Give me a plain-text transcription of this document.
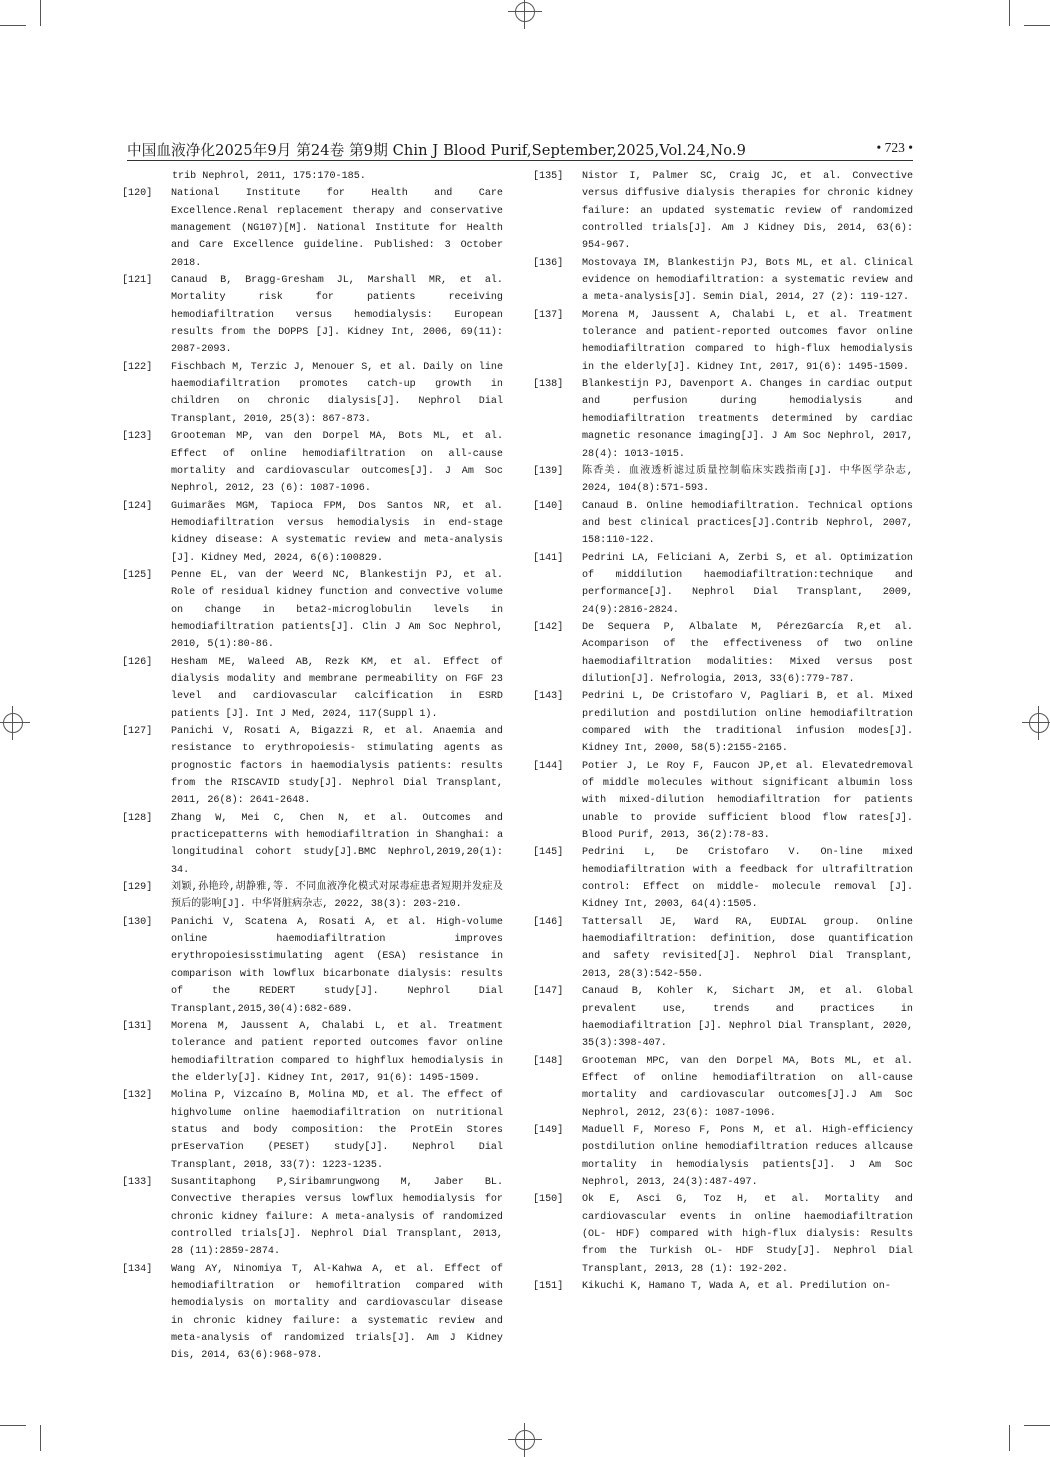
中国血液净化2025年9月 第24卷 第9期 Chin J Blood Purif,September,2025,Vol.24,No.9	• 723 •
trib Nephrol, 2011, 175:170-185.
[120]	National Institute for Health and Care Excellence.Renal replacement therapy and conservative management (NG107)[M]. National Institute for Health and Care Excellence guideline. Published: 3 October 2018.
[121]	Canaud B, Bragg-Gresham JL, Marshall MR, et al. Mortality risk for patients receiving hemodiafiltration versus hemodialysis: European results from the DOPPS [J]. Kidney Int, 2006, 69(11): 2087-2093.
[122]	Fischbach M, Terzic J, Menouer S, et al. Daily on line haemodiafiltration promotes catch-up growth in children on chronic dialysis[J]. Nephrol Dial Transplant, 2010, 25(3): 867-873.
[123]	Grooteman MP, van den Dorpel MA, Bots ML, et al. Effect of online hemodiafiltration on all-cause mortality and cardiovascular outcomes[J]. J Am Soc Nephrol, 2012, 23 (6): 1087-1096.
[124]	Guimarães MGM, Tapioca FPM, Dos Santos NR, et al. Hemodiafiltration versus hemodialysis in end-stage kidney disease: A systematic review and meta-analysis [J]. Kidney Med, 2024, 6(6):100829.
[125]	Penne EL, van der Weerd NC, Blankestijn PJ, et al. Role of residual kidney function and convective volume on change in beta2-microglobulin levels in hemodiafiltration patients[J]. Clin J Am Soc Nephrol, 2010, 5(1):80-86.
[126]	Hesham ME, Waleed AB, Rezk KM, et al. Effect of dialysis modality and membrane permeability on FGF 23 level and cardiovascular calcification in ESRD patients [J]. Int J Med, 2024, 117(Suppl 1).
[127]	Panichi V, Rosati A, Bigazzi R, et al. Anaemia and resistance to erythropoiesis- stimulating agents as prognostic factors in haemodialysis patients: results from the RISCAVID study[J]. Nephrol Dial Transplant, 2011, 26(8): 2641-2648.
[128]	Zhang W, Mei C, Chen N, et al. Outcomes and practicepatterns with hemodiafiltration in Shanghai: a longitudinal cohort study[J].BMC Nephrol,2019,20(1): 34.
[129]	刘颖,孙艳玲,胡静雅,等. 不同血液净化模式对尿毒症患者短期并发症及预后的影响[J]. 中华肾脏病杂志, 2022, 38(3): 203-210.
[130]	Panichi V, Scatena A, Rosati A, et al. High-volume online haemodiafiltration improves erythropoiesisstimulating agent (ESA) resistance in comparison with lowflux bicarbonate dialysis: results of the REDERT study[J]. Nephrol Dial Transplant,2015,30(4):682-689.
[131]	Morena M, Jaussent A, Chalabi L, et al. Treatment tolerance and patient reported outcomes favor online hemodiafiltration compared to highflux hemodialysis in the elderly[J]. Kidney Int, 2017, 91(6): 1495-1509.
[132]	Molina P, Vizcaíno B, Molina MD, et al. The effect of highvolume online haemodiafiltration on nutritional status and body composition: the ProtEin Stores prEservaTion (PESET) study[J]. Nephrol Dial Transplant, 2018, 33(7): 1223-1235.
[133]	Susantitaphong P,Siribamrungwong M, Jaber BL. Convective therapies versus lowflux hemodialysis for chronic kidney failure: A meta-analysis of randomized controlled trials[J]. Nephrol Dial Transplant, 2013, 28 (11):2859-2874.
[134]	Wang AY, Ninomiya T, Al-Kahwa A, et al. Effect of hemodiafiltration or hemofiltration compared with hemodialysis on mortality and cardiovascular disease in chronic kidney failure: a systematic review and meta-analysis of randomized trials[J]. Am J Kidney Dis, 2014, 63(6):968-978.
[135]	Nistor I, Palmer SC, Craig JC, et al. Convective versus diffusive dialysis therapies for chronic kidney failure: an updated systematic review of randomized controlled trials[J]. Am J Kidney Dis, 2014, 63(6): 954-967.
[136]	Mostovaya IM, Blankestijn PJ, Bots ML, et al. Clinical evidence on hemodiafiltration: a systematic review and a meta-analysis[J]. Semin Dial, 2014, 27 (2): 119-127.
[137]	Morena M, Jaussent A, Chalabi L, et al. Treatment tolerance and patient-reported outcomes favor online hemodiafiltration compared to high-flux hemodialysis in the elderly[J]. Kidney Int, 2017, 91(6): 1495-1509.
[138]	Blankestijn PJ, Davenport A. Changes in cardiac output and perfusion during hemodialysis and hemodiafiltration treatments determined by cardiac magnetic resonance imaging[J]. J Am Soc Nephrol, 2017, 28(4): 1013-1015.
[139]	陈香美. 血液透析滤过质量控制临床实践指南[J]. 中华医学杂志, 2024, 104(8):571-593.
[140]	Canaud B. Online hemodiafiltration. Technical options and best clinical practices[J].Contrib Nephrol, 2007, 158:110-122.
[141]	Pedrini LA, Feliciani A, Zerbi S, et al. Optimization of middilution haemodiafiltration:technique and performance[J]. Nephrol Dial Transplant, 2009, 24(9):2816-2824.
[142]	De Sequera P, Albalate M, PérezGarcía R,et al. Acomparison of the effectiveness of two online haemodiafiltration modalities: Mixed versus post dilution[J]. Nefrologia, 2013, 33(6):779-787.
[143]	Pedrini L, De Cristofaro V, Pagliari B, et al. Mixed predilution and postdilution online hemodiafiltration compared with the traditional infusion modes[J]. Kidney Int, 2000, 58(5):2155-2165.
[144]	Potier J, Le Roy F, Faucon JP,et al. Elevatedremoval of middle molecules without significant albumin loss with mixed-dilution hemodiafiltration for patients unable to provide sufficient blood flow rates[J]. Blood Purif, 2013, 36(2):78-83.
[145]	Pedrini L, De Cristofaro V. On-line mixed hemodiafiltration with a feedback for ultrafiltration control: Effect on middle- molecule removal [J]. Kidney Int, 2003, 64(4):1505.
[146]	Tattersall JE, Ward RA, EUDIAL group. Online haemodiafiltration: definition, dose quantification and safety revisited[J]. Nephrol Dial Transplant, 2013, 28(3):542-550.
[147]	Canaud B, Kohler K, Sichart JM, et al. Global prevalent use, trends and practices in haemodiafiltration [J]. Nephrol Dial Transplant, 2020, 35(3):398-407.
[148]	Grooteman MPC, van den Dorpel MA, Bots ML, et al. Effect of online hemodiafiltration on all-cause mortality and cardiovascular outcomes[J].J Am Soc Nephrol, 2012, 23(6): 1087-1096.
[149]	Maduell F, Moreso F, Pons M, et al. High-efficiency postdilution online hemodiafiltration reduces allcause mortality in hemodialysis patients[J]. J Am Soc Nephrol, 2013, 24(3):487-497.
[150]	Ok E, Asci G, Toz H, et al. Mortality and cardiovascular events in online haemodiafiltration (OL- HDF) compared with high-flux dialysis: Results from the Turkish OL- HDF Study[J]. Nephrol Dial Transplant, 2013, 28 (1): 192-202.
[151]	Kikuchi K, Hamano T, Wada A, et al. Predilution on-
